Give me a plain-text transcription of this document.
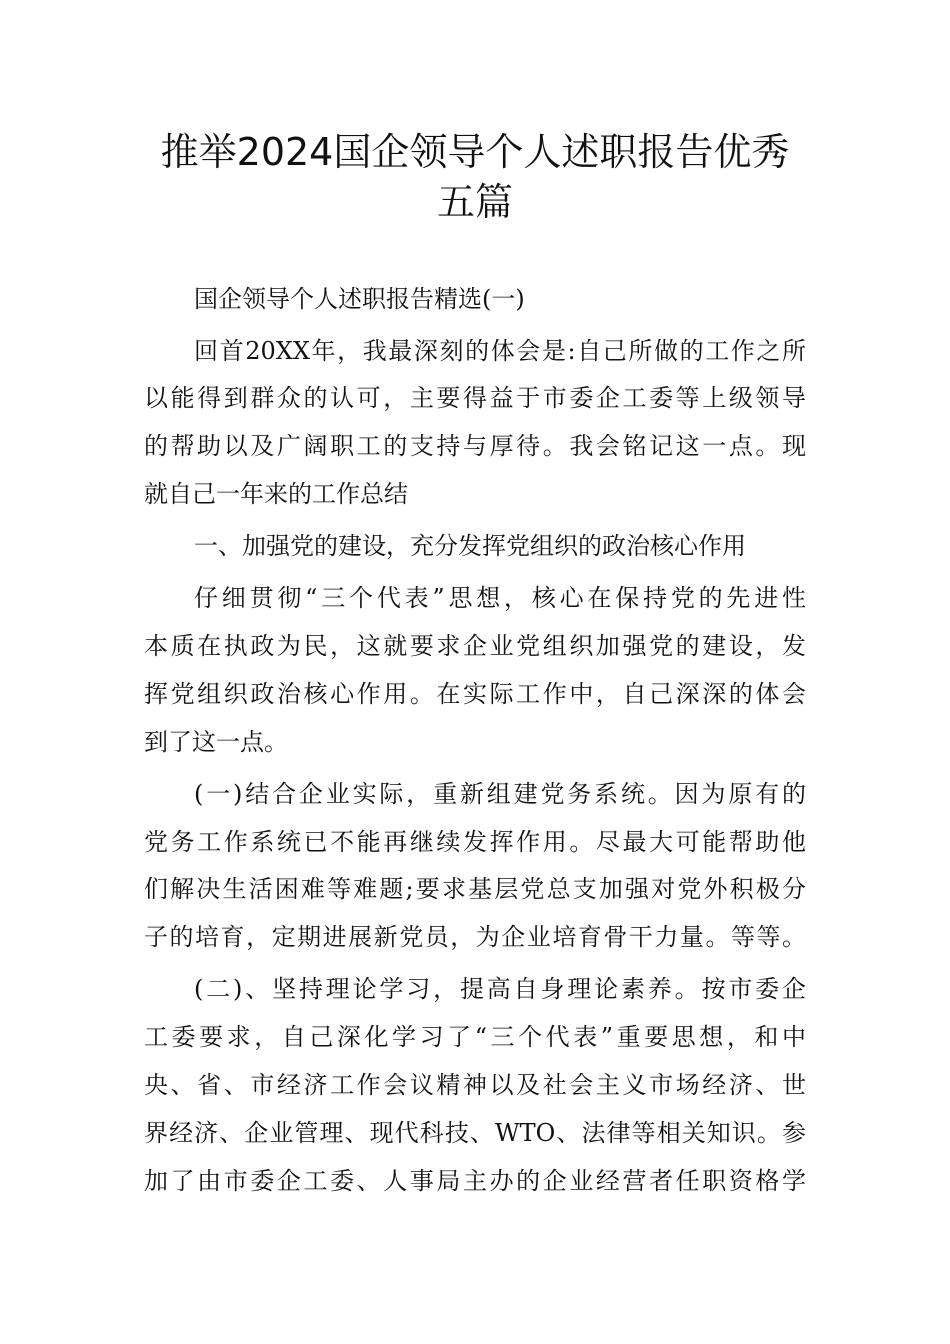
推举2024国企领导个人述职报告优秀
五篇
国企领导个人述职报告精选(一)
回首20XX年，我最深刻的体会是:自己所做的工作之所
以能得到群众的认可，主要得益于市委企工委等上级领导
的帮助以及广阔职工的支持与厚待。我会铭记这一点。现
就自己一年来的工作总结
一、加强党的建设，充分发挥党组织的政治核心作用
仔细贯彻“三个代表”思想，核心在保持党的先进性
本质在执政为民，这就要求企业党组织加强党的建设，发
挥党组织政治核心作用。在实际工作中，自己深深的体会
到了这一点。
(一)结合企业实际，重新组建党务系统。因为原有的
党务工作系统已不能再继续发挥作用。尽最大可能帮助他
们解决生活困难等难题;要求基层党总支加强对党外积极分
子的培育，定期进展新党员，为企业培育骨干力量。等等。
(二)、坚持理论学习，提高自身理论素养。按市委企
工委要求，自己深化学习了“三个代表”重要思想，和中
央、省、市经济工作会议精神以及社会主义市场经济、世
界经济、企业管理、现代科技、WTO、法律等相关知识。参
加了由市委企工委、人事局主办的企业经营者任职资格学
